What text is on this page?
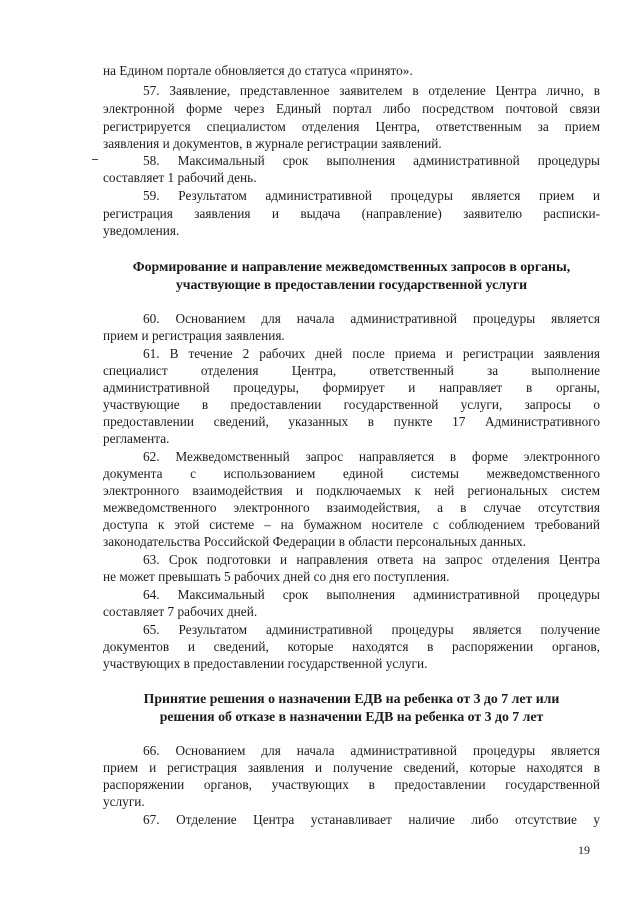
на Едином портале обновляется до статуса «принято».
57. Заявление, представленное заявителем в отделение Центра лично, в
электронной форме через Единый портал либо посредством почтовой связи
регистрируется специалистом отделения Центра, ответственным за прием
заявления и документов, в журнале регистрации заявлений.
58. Максимальный срок выполнения административной процедуры
составляет 1 рабочий день.
59. Результатом административной процедуры является прием и
регистрация заявления и выдача (направление) заявителю расписки-
уведомления.
Формирование и направление межведомственных запросов в органы,
участвующие в предоставлении государственной услуги
60. Основанием для начала административной процедуры является
прием и регистрация заявления.
61. В течение 2 рабочих дней после приема и регистрации заявления
специалист отделения Центра, ответственный за выполнение
административной процедуры, формирует и направляет в органы,
участвующие в предоставлении государственной услуги, запросы о
предоставлении сведений, указанных в пункте 17 Административного
регламента.
62. Межведомственный запрос направляется в форме электронного
документа с использованием единой системы межведомственного
электронного взаимодействия и подключаемых к ней региональных систем
межведомственного электронного взаимодействия, а в случае отсутствия
доступа к этой системе – на бумажном носителе с соблюдением требований
законодательства Российской Федерации в области персональных данных.
63. Срок подготовки и направления ответа на запрос отделения Центра
не может превышать 5 рабочих дней со дня его поступления.
64. Максимальный срок выполнения административной процедуры
составляет 7 рабочих дней.
65. Результатом административной процедуры является получение
документов и сведений, которые находятся в распоряжении органов,
участвующих в предоставлении государственной услуги.
Принятие решения о назначении ЕДВ на ребенка от 3 до 7 лет или
решения об отказе в назначении ЕДВ на ребенка от 3 до 7 лет
66. Основанием для начала административной процедуры является
прием и регистрация заявления и получение сведений, которые находятся в
распоряжении органов, участвующих в предоставлении государственной
услуги.
67. Отделение Центра устанавливает наличие либо отсутствие у
19
